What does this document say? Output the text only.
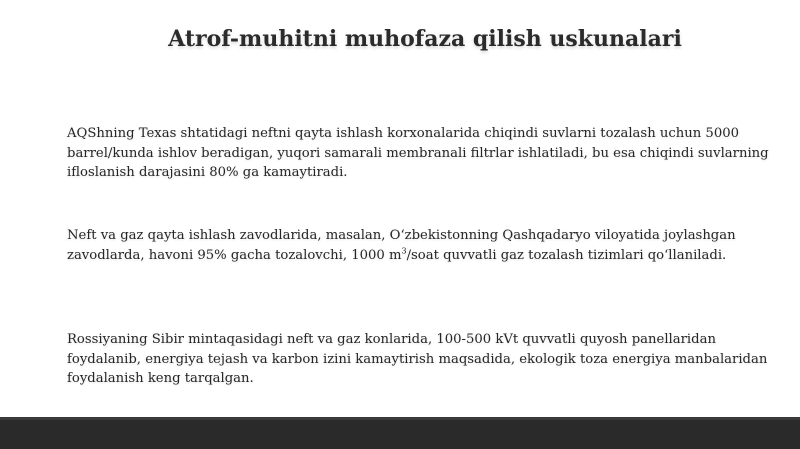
Atrof-muhitni muhofaza qilish uskunalari

AQShning Texas shtatidagi neftni qayta ishlash korxonalarida chiqindi suvlarni tozalash uchun 5000 barrel/kunda ishlov beradigan, yuqori samarali membranali filtrlar ishlatiladi, bu esa chiqindi suvlarning ifloslanish darajasini 80% ga kamaytiradi.

Neft va gaz qayta ishlash zavodlarida, masalan, O‘zbekistonning Qashqadaryo viloyatida joylashgan zavodlarda, havoni 95% gacha tozalovchi, 1000 $m^3$/soat quvvatli gaz tozalash tizimlari qo‘llaniladi.

Rossiyaning Sibir mintaqasidagi neft va gaz konlarida, 100-500 kVt quvvatli quyosh panellaridan foydalanib, energiya tejash va karbon izini kamaytirish maqsadida, ekologik toza energiya manbalaridan foydalanish keng tarqalgan.
